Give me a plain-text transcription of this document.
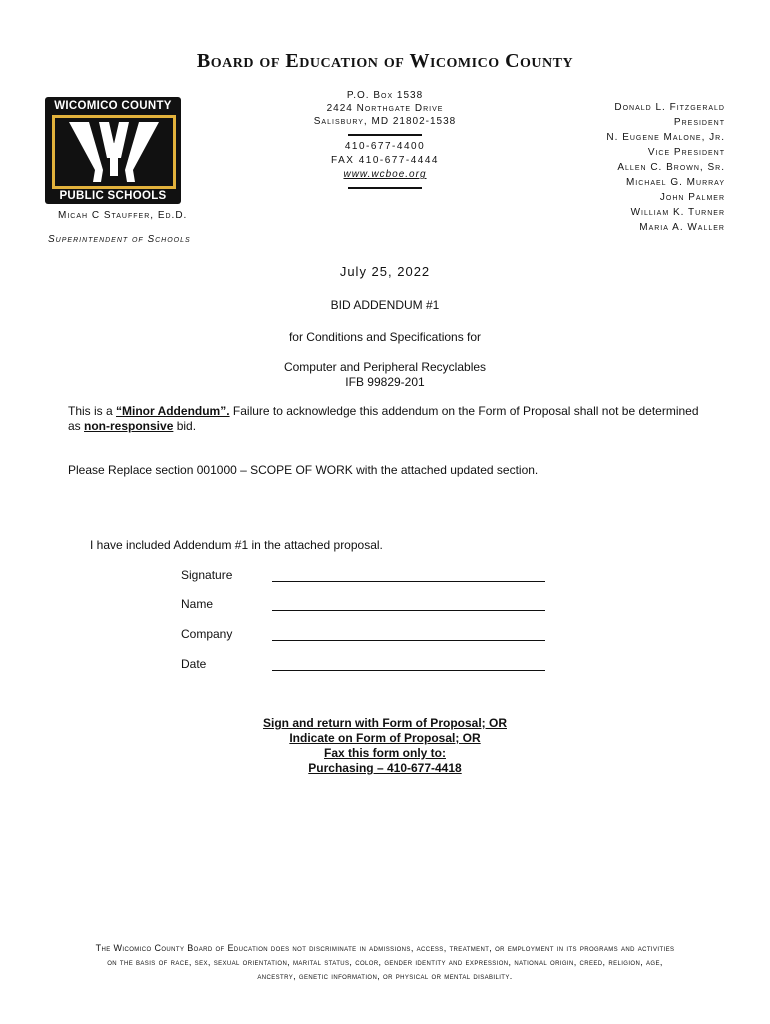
Board of Education of Wicomico County
WICOMICO COUNTY
PUBLIC SCHOOLS
P.O. Box 1538
2424 Northgate Drive
Salisbury, MD 21802-1538
410-677-4400
FAX 410-677-4444
www.wcboe.org
Donald L. Fitzgerald
President
N. Eugene Malone, Jr.
Vice President
Allen C. Brown, Sr.
Michael G. Murray
John Palmer
William K. Turner
Maria A. Waller
Micah C Stauffer, Ed.D.
Superintendent of Schools
July 25, 2022
BID ADDENDUM #1
for Conditions and Specifications for
Computer and Peripheral Recyclables
IFB 99829-201
This is a “Minor Addendum”. Failure to acknowledge this addendum on the Form of Proposal shall not be determined as non-responsive bid.
Please Replace section 001000 – SCOPE OF WORK with the attached updated section.
I have included Addendum #1 in the attached proposal.
Signature
Name
Company
Date
Sign and return with Form of Proposal; OR
Indicate on Form of Proposal; OR
Fax this form only to:
Purchasing – 410-677-4418
The Wicomico County Board of Education does not discriminate in admissions, access, treatment, or employment in its programs and activities
on the basis of race, sex, sexual orientation, marital status, color, gender identity and expression, national origin, creed, religion, age,
ancestry, genetic information, or physical or mental disability.
